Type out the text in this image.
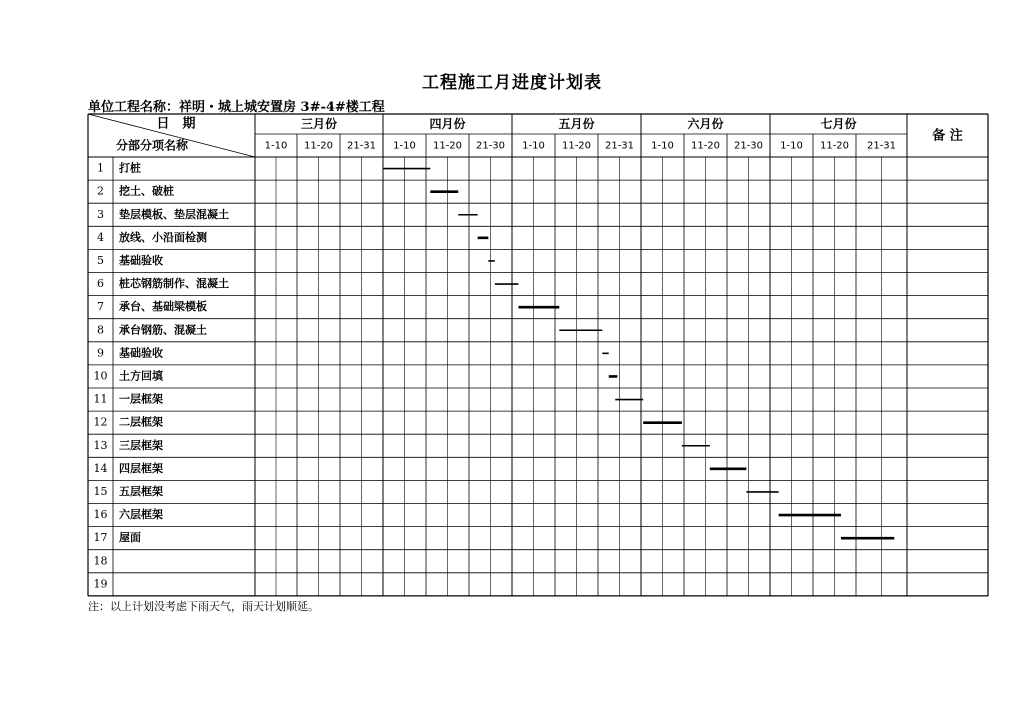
工程施工月进度计划表
单位工程名称：祥明・城上城安置房 3#-4#楼工程
日　期
分部分项名称
备 注
三月份	四月份	五月份	六月份	七月份
1-10 11-20 21-31 1-10 11-20 21-30 1-10 11-20 21-31 1-10 11-20 21-30 1-10 11-20 21-31
1 打桩
2 挖土、破桩
3 垫层模板、垫层混凝土
4 放线、小沿面检测
5 基础验收
6 桩芯钢筋制作、混凝土
7 承台、基础梁模板
8 承台钢筋、混凝土
9 基础验收
10 土方回填
11 一层框架
12 二层框架
13 三层框架
14 四层框架
15 五层框架
16 六层框架
17 屋面
18
19
注：以上计划没考虑下雨天气，雨天计划顺延。
